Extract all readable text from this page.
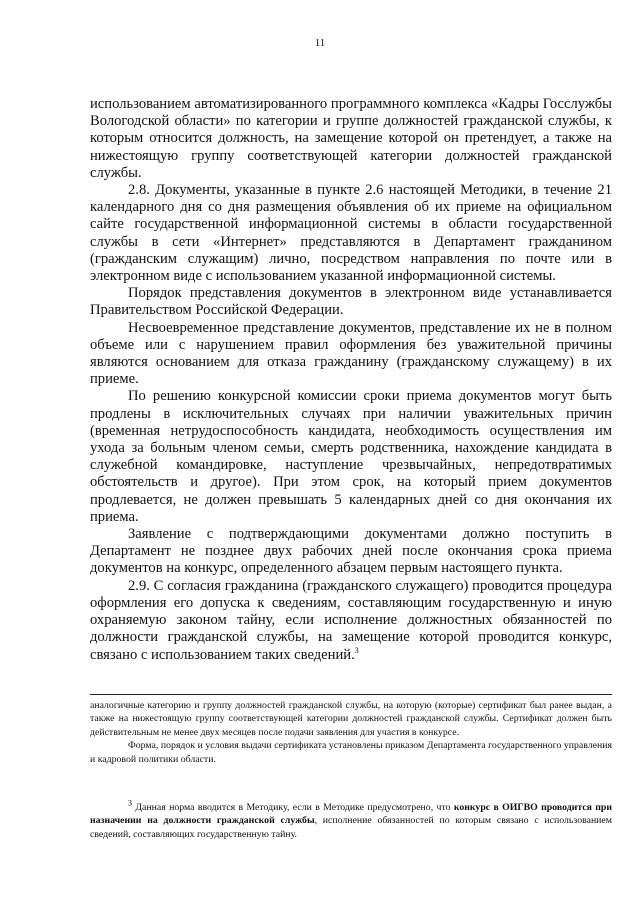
11

использованием автоматизированного программного комплекса «Кадры Госслужбы Вологодской области» по категории и группе должностей гражданской службы, к которым относится должность, на замещение которой он претендует, а также на нижестоящую группу соответствующей категории должностей гражданской службы.

2.8. Документы, указанные в пункте 2.6 настоящей Методики, в течение 21 календарного дня со дня размещения объявления об их приеме на официальном сайте государственной информационной системы в области государственной службы в сети «Интернет» представляются в Департамент гражданином (гражданским служащим) лично, посредством направления по почте или в электронном виде с использованием указанной информационной системы.

Порядок представления документов в электронном виде устанавливается Правительством Российской Федерации.

Несвоевременное представление документов, представление их не в полном объеме или с нарушением правил оформления без уважительной причины являются основанием для отказа гражданину (гражданскому служащему) в их приеме.

По решению конкурсной комиссии сроки приема документов могут быть продлены в исключительных случаях при наличии уважительных причин (временная нетрудоспособность кандидата, необходимость осуществления им ухода за больным членом семьи, смерть родственника, нахождение кандидата в служебной командировке, наступление чрезвычайных, непредотвратимых обстоятельств и другое). При этом срок, на который прием документов продлевается, не должен превышать 5 календарных дней со дня окончания их приема.

Заявление с подтверждающими документами должно поступить в Департамент не позднее двух рабочих дней после окончания срока приема документов на конкурс, определенного абзацем первым настоящего пункта.

2.9. С согласия гражданина (гражданского служащего) проводится процедура оформления его допуска к сведениям, составляющим государственную и иную охраняемую законом тайну, если исполнение должностных обязанностей по должности гражданской службы, на замещение которой проводится конкурс, связано с использованием таких сведений.$^3$

аналогичные категорию и группу должностей гражданской службы, на которую (которые) сертификат был ранее выдан, а также на нижестоящую группу соответствующей категории должностей гражданской службы. Сертификат должен быть действительным не менее двух месяцев после подачи заявления для участия в конкурсе.

Форма, порядок и условия выдачи сертификата установлены приказом Департамента государственного управления и кадровой политики области.

$^3$ Данная норма вводится в Методику, если в Методике предусмотрено, что конкурс в ОИГВО проводится при назначении на должности гражданской службы, исполнение обязанностей по которым связано с использованием сведений, составляющих государственную тайну.
